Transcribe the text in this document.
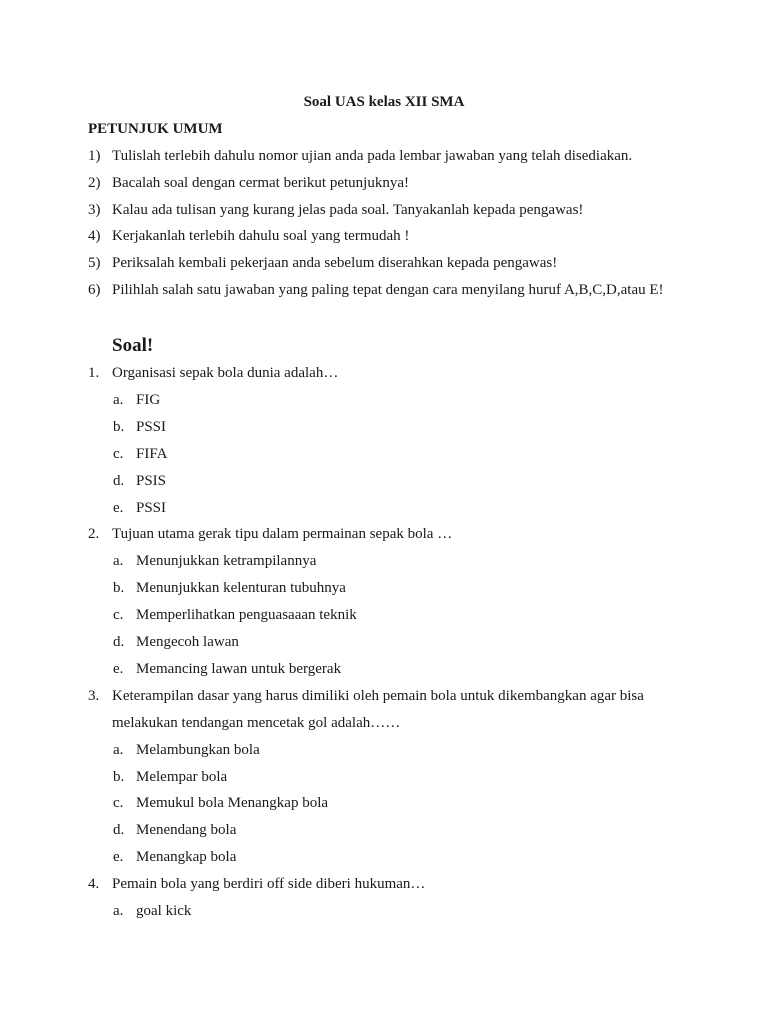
Soal UAS kelas XII SMA
PETUNJUK UMUM
Soal!
1) Tulislah terlebih dahulu nomor ujian anda pada lembar jawaban yang telah disediakan.
2) Bacalah soal dengan cermat berikut petunjuknya!
3) Kalau ada tulisan yang kurang jelas pada soal. Tanyakanlah kepada pengawas!
4) Kerjakanlah terlebih dahulu soal yang termudah !
5) Periksalah kembali pekerjaan anda sebelum diserahkan kepada pengawas!
6) Pilihlah salah satu jawaban yang paling tepat dengan cara menyilang huruf A,B,C,D,atau E!
1. Organisasi sepak bola dunia adalah…
a. FIG
b. PSSI
c. FIFA
d. PSIS
e. PSSI
2. Tujuan utama gerak tipu dalam permainan sepak bola …
a. Menunjukkan ketrampilannya
b. Menunjukkan kelenturan tubuhnya
c. Memperlihatkan penguasaaan teknik
d. Mengecoh lawan
e. Memancing lawan untuk bergerak
3. Keterampilan dasar yang harus dimiliki oleh pemain bola untuk dikembangkan agar bisa
melakukan tendangan mencetak gol adalah……
a. Melambungkan bola
b. Melempar bola
c. Memukul bola Menangkap bola
d. Menendang bola
e. Menangkap bola
4. Pemain bola yang berdiri off side diberi hukuman…
a. goal kick
